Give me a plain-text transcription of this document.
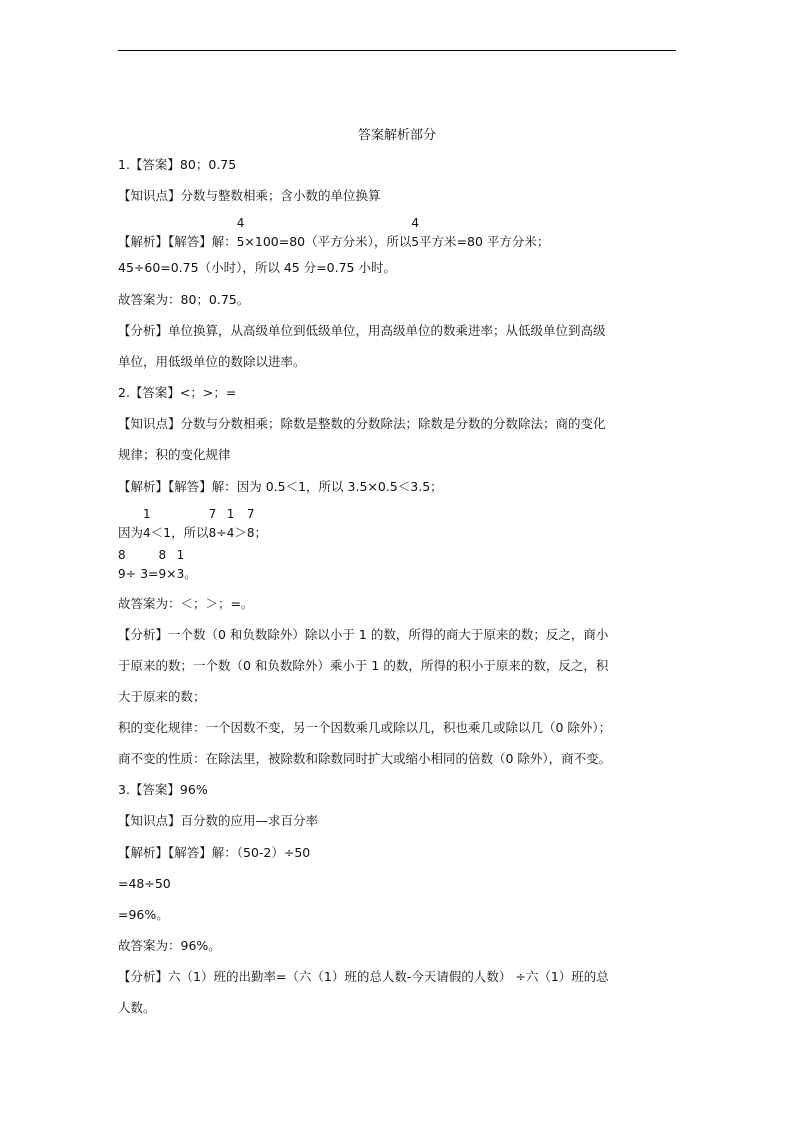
答案解析部分
1.【答案】80；0.75
【知识点】分数与整数相乘；含小数的单位换算
【解析】【解答】解：
4
5×100=80（平方分米），所以
4
5平方米=80 平方分米；
45÷60=0.75（小时），所以 45 分=0.75 小时。
故答案为：80；0.75。
【分析】单位换算，从高级单位到低级单位，用高级单位的数乘进率；从低级单位到高级
单位，用低级单位的数除以进率。
2.【答案】<；>；=
【知识点】分数与分数相乘；除数是整数的分数除法；除数是分数的分数除法；商的变化
规律；积的变化规律
【解析】【解答】解：因为 0.5＜1，所以 3.5×0.5＜3.5；
因为
1
4＜1，所以
7
8÷
1
4＞
7
8；
8
9÷ 3=
8
9×
1
3。
故答案为：＜；＞；=。
【分析】一个数（0 和负数除外）除以小于 1 的数，所得的商大于原来的数；反之，商小
于原来的数；一个数（0 和负数除外）乘小于 1 的数，所得的积小于原来的数，反之，积
大于原来的数；
积的变化规律：一个因数不变，另一个因数乘几或除以几，积也乘几或除以几（0 除外）；
商不变的性质：在除法里，被除数和除数同时扩大或缩小相同的倍数（0 除外），商不变。
3.【答案】96%
【知识点】百分数的应用—求百分率
【解析】【解答】解：（50-2）÷50
=48÷50
=96%。
故答案为：96%。
【分析】六（1）班的出勤率=（六（1）班的总人数-今天请假的人数） ÷六（1）班的总
人数。
